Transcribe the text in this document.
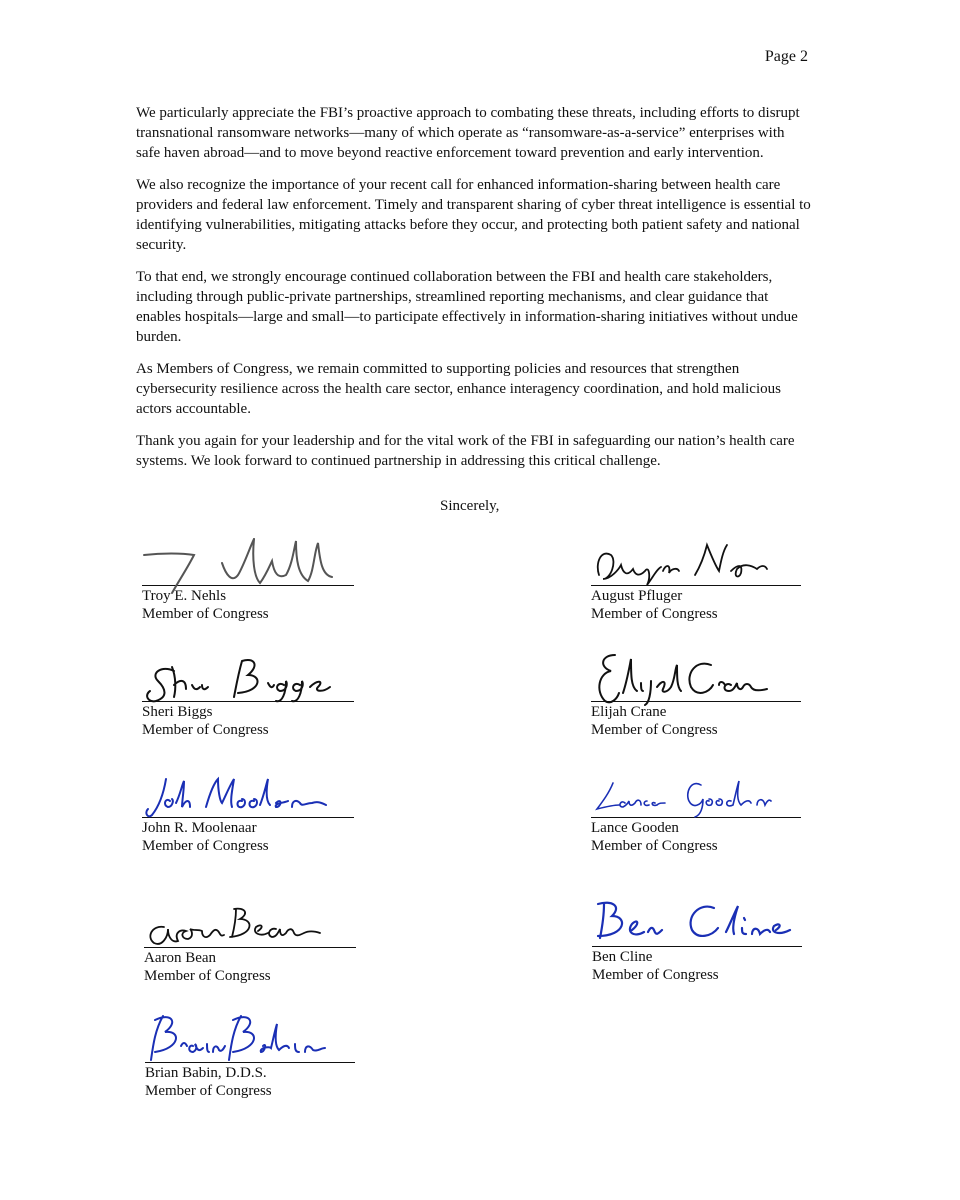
Page 2

We particularly appreciate the FBI’s proactive approach to combating these threats, including efforts to disrupt transnational ransomware networks—many of which operate as “ransomware-as-a-service” enterprises with safe haven abroad—and to move beyond reactive enforcement toward prevention and early intervention.

We also recognize the importance of your recent call for enhanced information-sharing between health care providers and federal law enforcement. Timely and transparent sharing of cyber threat intelligence is essential to identifying vulnerabilities, mitigating attacks before they occur, and protecting both patient safety and national security.

To that end, we strongly encourage continued collaboration between the FBI and health care stakeholders, including through public-private partnerships, streamlined reporting mechanisms, and clear guidance that enables hospitals—large and small—to participate effectively in information-sharing initiatives without undue burden.

As Members of Congress, we remain committed to supporting policies and resources that strengthen cybersecurity resilience across the health care sector, enhance interagency coordination, and hold malicious actors accountable.

Thank you again for your leadership and for the vital work of the FBI in safeguarding our nation’s health care systems. We look forward to continued partnership in addressing this critical challenge.

Sincerely,
Troy E. Nehls
Member of Congress
August Pfluger
Member of Congress
Sheri Biggs
Member of Congress
Elijah Crane
Member of Congress
John R. Moolenaar
Member of Congress
Lance Gooden
Member of Congress
Aaron Bean
Member of Congress
Ben Cline
Member of Congress
Brian Babin, D.D.S.
Member of Congress
